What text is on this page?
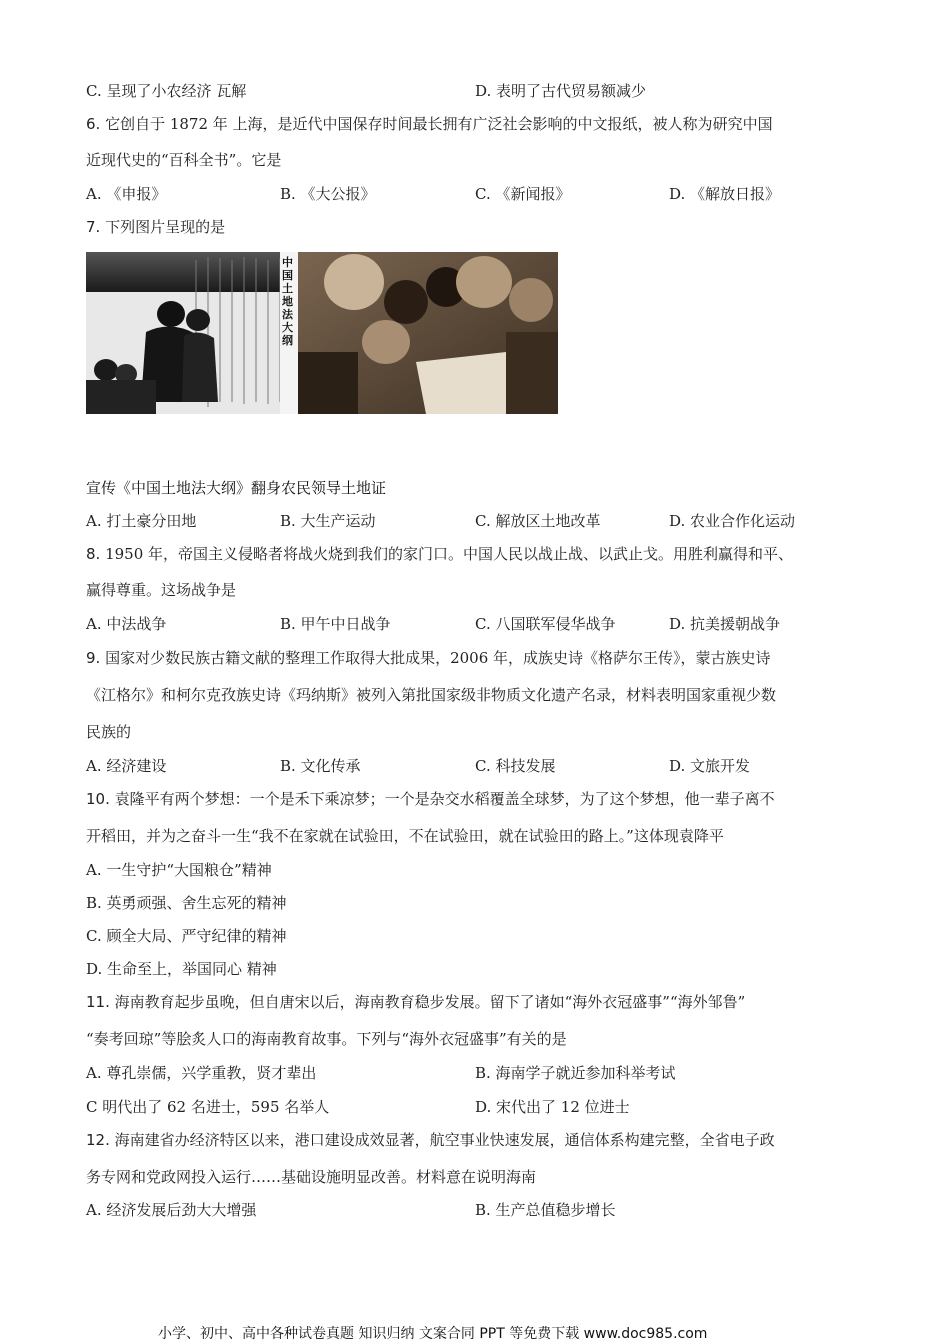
C. 呈现了小农经济 瓦解	D. 表明了古代贸易额减少
6. 它创自于 1872 年 上海，是近代中国保存时间最长拥有广泛社会影响的中文报纸，被人称为研究中国
近现代史的“百科全书”。它是
A. 《申报》	B. 《大公报》	C. 《新闻报》	D. 《解放日报》
7. 下列图片呈现的是
中国土地法大纲
宣传《中国土地法大纲》翻身农民领导土地证
A. 打土豪分田地	B. 大生产运动	C. 解放区土地改革	D. 农业合作化运动
8. 1950 年，帝国主义侵略者将战火烧到我们的家门口。中国人民以战止战、以武止戈。用胜利赢得和平、
赢得尊重。这场战争是
A. 中法战争	B. 甲午中日战争	C. 八国联军侵华战争	D. 抗美援朝战争
9. 国家对少数民族古籍文献的整理工作取得大批成果，2006 年，成族史诗《格萨尔王传》，蒙古族史诗
《江格尔》和柯尔克孜族史诗《玛纳斯》被列入第批国家级非物质文化遗产名录，材料表明国家重视少数
民族的
A. 经济建设	B. 文化传承	C. 科技发展	D. 文旅开发
10. 袁隆平有两个梦想：一个是禾下乘凉梦；一个是杂交水稻覆盖全球梦，为了这个梦想，他一辈子离不
开稻田，并为之奋斗一生“我不在家就在试验田，不在试验田，就在试验田的路上。”这体现袁降平
A. 一生守护“大国粮仓”精神
B. 英勇顽强、舍生忘死的精神
C. 顾全大局、严守纪律的精神
D. 生命至上，举国同心 精神
11. 海南教育起步虽晚，但自唐宋以后，海南教育稳步发展。留下了诸如“海外衣冠盛事”“海外邹鲁”
“奏考回琼”等脍炙人口的海南教育故事。下列与“海外衣冠盛事”有关的是
A. 尊孔崇儒，兴学重教，贤才辈出	B. 海南学子就近参加科举考试
C 明代出了 62 名进士，595 名举人	D. 宋代出了 12 位进士
12. 海南建省办经济特区以来，港口建设成效显著，航空事业快速发展，通信体系构建完整，全省电子政
务专网和党政网投入运行……基础设施明显改善。材料意在说明海南
A. 经济发展后劲大大增强	B. 生产总值稳步增长
小学、初中、高中各种试卷真题 知识归纳 文案合同 PPT 等免费下载 www.doc985.com
